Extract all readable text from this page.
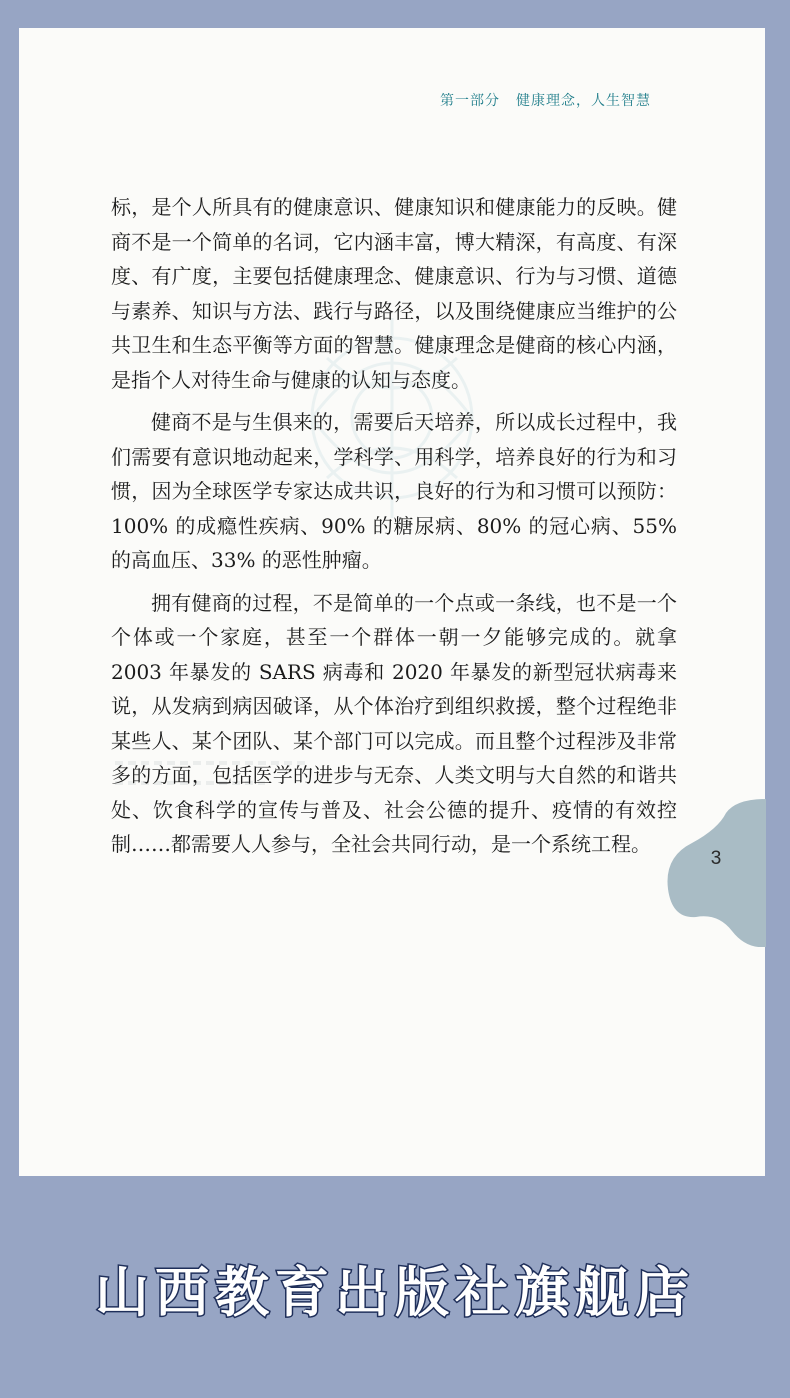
第一部分 健康理念，人生智慧

标，是个人所具有的健康意识、健康知识和健康能力的反映。健商不是一个简单的名词，它内涵丰富，博大精深，有高度、有深度、有广度，主要包括健康理念、健康意识、行为与习惯、道德与素养、知识与方法、践行与路径，以及围绕健康应当维护的公共卫生和生态平衡等方面的智慧。健康理念是健商的核心内涵，是指个人对待生命与健康的认知与态度。

健商不是与生俱来的，需要后天培养，所以成长过程中，我们需要有意识地动起来，学科学、用科学，培养良好的行为和习惯，因为全球医学专家达成共识，良好的行为和习惯可以预防：100% 的成瘾性疾病、90% 的糖尿病、80% 的冠心病、55% 的高血压、33% 的恶性肿瘤。

拥有健商的过程，不是简单的一个点或一条线，也不是一个个体或一个家庭，甚至一个群体一朝一夕能够完成的。就拿 2003 年暴发的 SARS 病毒和 2020 年暴发的新型冠状病毒来说，从发病到病因破译，从个体治疗到组织救援，整个过程绝非某些人、某个团队、某个部门可以完成。而且整个过程涉及非常多的方面，包括医学的进步与无奈、人类文明与大自然的和谐共处、饮食科学的宣传与普及、社会公德的提升、疫情的有效控制……都需要人人参与，全社会共同行动，是一个系统工程。

3
山西教育出版社旗舰店
